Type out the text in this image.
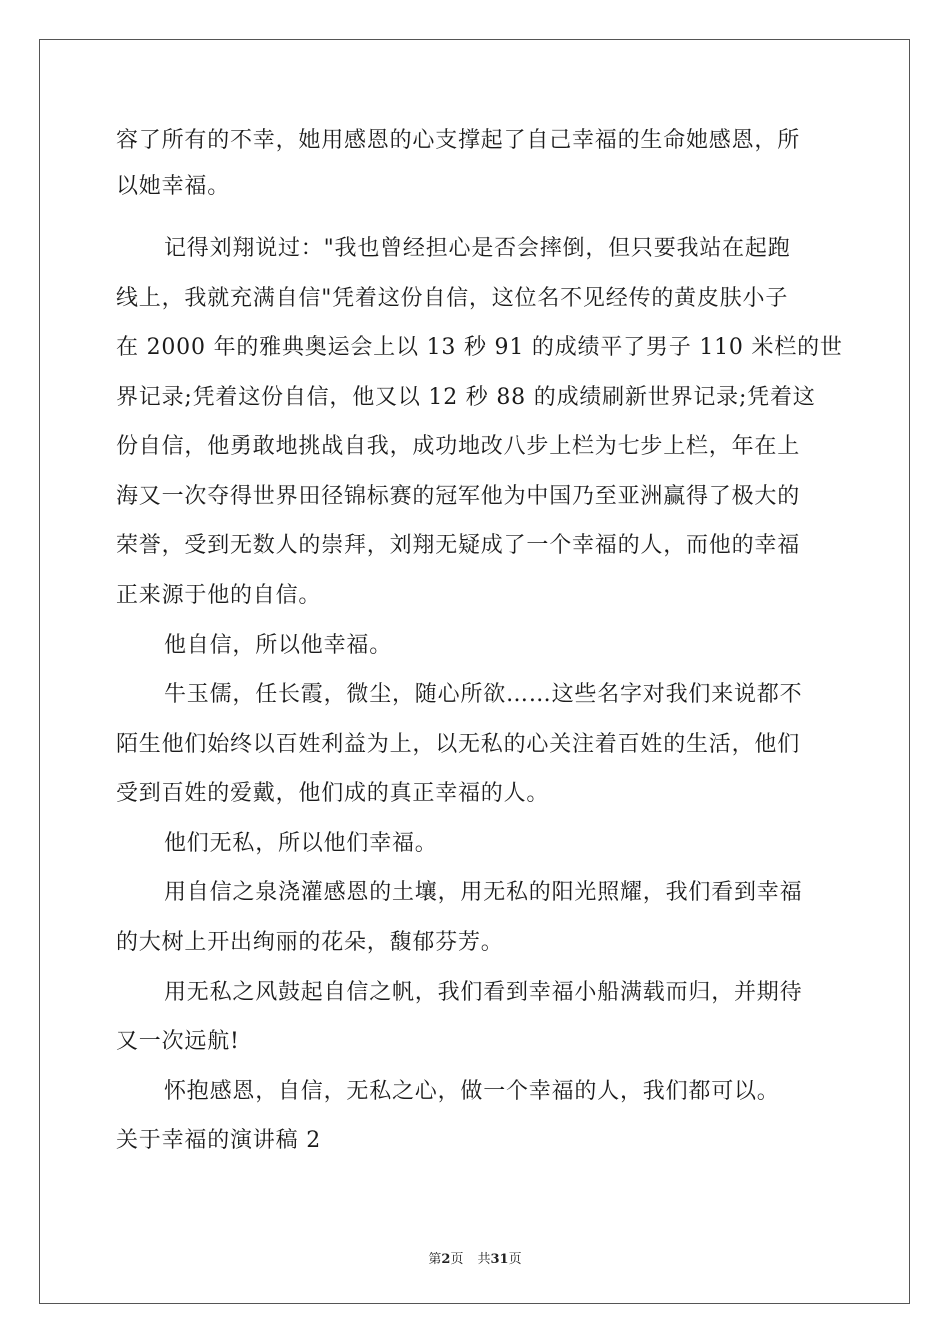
容了所有的不幸，她用感恩的心支撑起了自己幸福的生命她感恩，所
以她幸福。
记得刘翔说过："我也曾经担心是否会摔倒，但只要我站在起跑
线上，我就充满自信"凭着这份自信，这位名不见经传的黄皮肤小子
在 2000 年的雅典奥运会上以 13 秒 91 的成绩平了男子 110 米栏的世
界记录;凭着这份自信，他又以 12 秒 88 的成绩刷新世界记录;凭着这
份自信，他勇敢地挑战自我，成功地改八步上栏为七步上栏，年在上
海又一次夺得世界田径锦标赛的冠军他为中国乃至亚洲赢得了极大的
荣誉，受到无数人的崇拜，刘翔无疑成了一个幸福的人，而他的幸福
正来源于他的自信。
他自信，所以他幸福。
牛玉儒，任长霞，微尘，随心所欲……这些名字对我们来说都不
陌生他们始终以百姓利益为上，以无私的心关注着百姓的生活，他们
受到百姓的爱戴，他们成的真正幸福的人。
他们无私，所以他们幸福。
用自信之泉浇灌感恩的土壤，用无私的阳光照耀，我们看到幸福
的大树上开出绚丽的花朵，馥郁芬芳。
用无私之风鼓起自信之帆，我们看到幸福小船满载而归，并期待
又一次远航!
怀抱感恩，自信，无私之心，做一个幸福的人，我们都可以。
关于幸福的演讲稿 2
第2页 共31页
